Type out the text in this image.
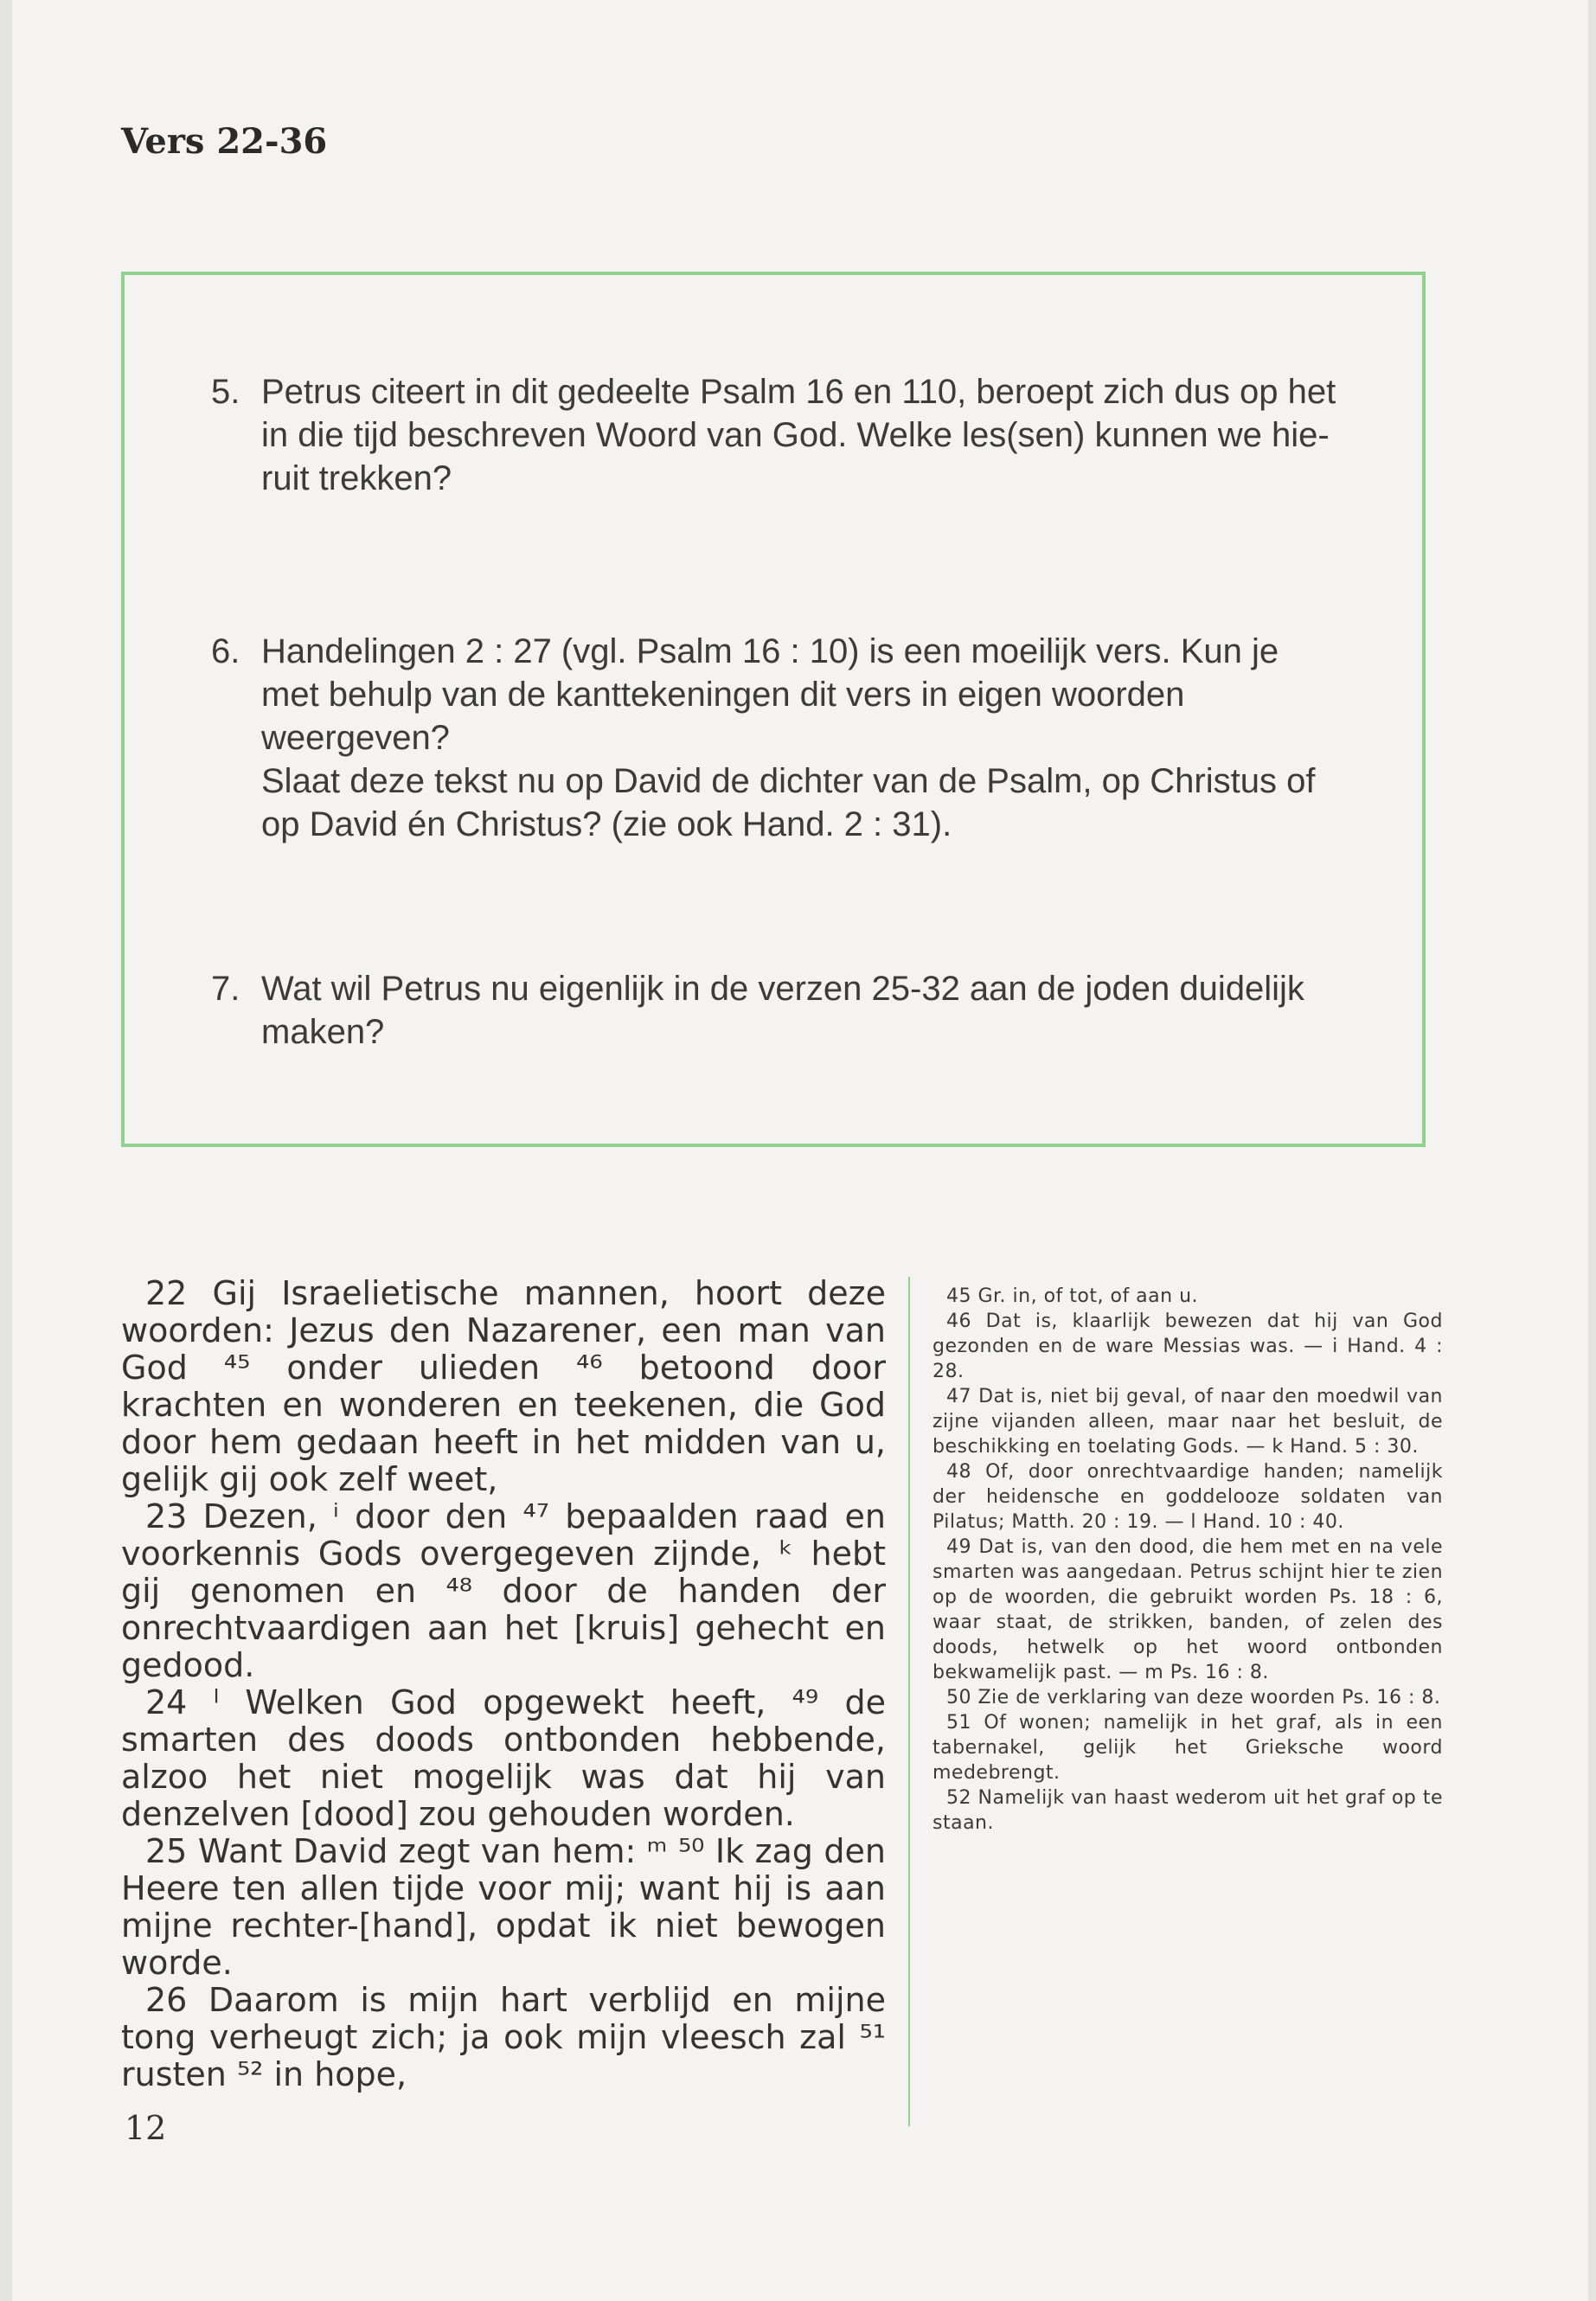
Vers 22-36
5. Petrus citeert in dit gedeelte Psalm 16 en 110, beroept zich dus op het
in die tijd beschreven Woord van God. Welke les(sen) kunnen we hie-
ruit trekken?
6. Handelingen 2 : 27 (vgl. Psalm 16 : 10) is een moeilijk vers. Kun je
met behulp van de kanttekeningen dit vers in eigen woorden
weergeven?
Slaat deze tekst nu op David de dichter van de Psalm, op Christus of
op David én Christus? (zie ook Hand. 2 : 31).
7. Wat wil Petrus nu eigenlijk in de verzen 25-32 aan de joden duidelijk
maken?

22 Gij Israelietische mannen, hoort deze woorden: Jezus den Nazarener, een man van God ⁴⁵ onder ulieden ⁴⁶ betoond door krachten en wonderen en teekenen, die God door hem gedaan heeft in het midden van u, gelijk gij ook zelf weet,

23 Dezen, ⁱ door den ⁴⁷ bepaalden raad en voorkennis Gods overgegeven zijnde, ᵏ hebt gij genomen en ⁴⁸ door de handen der onrechtvaardigen aan het [kruis] gehecht en gedood.

24 ˡ Welken God opgewekt heeft, ⁴⁹ de smarten des doods ontbonden hebbende, alzoo het niet mogelijk was dat hij van denzelven [dood] zou gehouden worden.

25 Want David zegt van hem: ᵐ ⁵⁰ Ik zag den Heere ten allen tijde voor mij; want hij is aan mijne rechter-[hand], opdat ik niet bewogen worde.

26 Daarom is mijn hart verblijd en mijne tong verheugt zich; ja ook mijn vleesch zal ⁵¹ rusten ⁵² in hope,

45 Gr. in, of tot, of aan u.

46 Dat is, klaarlijk bewezen dat hij van God gezonden en de ware Messias was. — i Hand. 4 : 28.

47 Dat is, niet bij geval, of naar den moedwil van zijne vijanden alleen, maar naar het besluit, de beschikking en toelating Gods. — k Hand. 5 : 30.

48 Of, door onrechtvaardige handen; namelijk der heidensche en goddelooze soldaten van Pilatus; Matth. 20 : 19. — l Hand. 10 : 40.

49 Dat is, van den dood, die hem met en na vele smarten was aangedaan. Petrus schijnt hier te zien op de woorden, die gebruikt worden Ps. 18 : 6, waar staat, de strikken, banden, of zelen des doods, hetwelk op het woord ontbonden bekwamelijk past. — m Ps. 16 : 8.

50 Zie de verklaring van deze woorden Ps. 16 : 8.

51 Of wonen; namelijk in het graf, als in een tabernakel, gelijk het Grieksche woord medebrengt.

52 Namelijk van haast wederom uit het graf op te staan.

12
